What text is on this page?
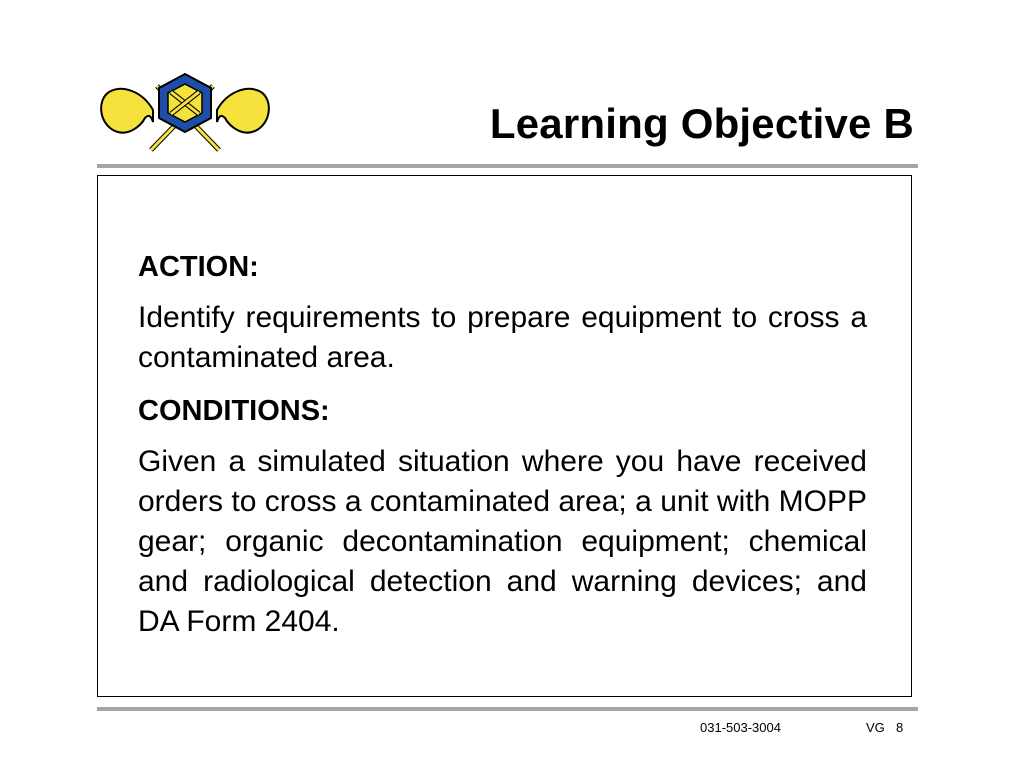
Learning Objective B

ACTION:

Identify requirements to prepare equipment to cross a contaminated area.

CONDITIONS:

Given a simulated situation where you have received orders to cross a contaminated area; a unit with MOPP gear; organic decontamination equipment; chemical and radiological detection and warning devices; and DA Form 2404.

031-503-3004	VG 8
